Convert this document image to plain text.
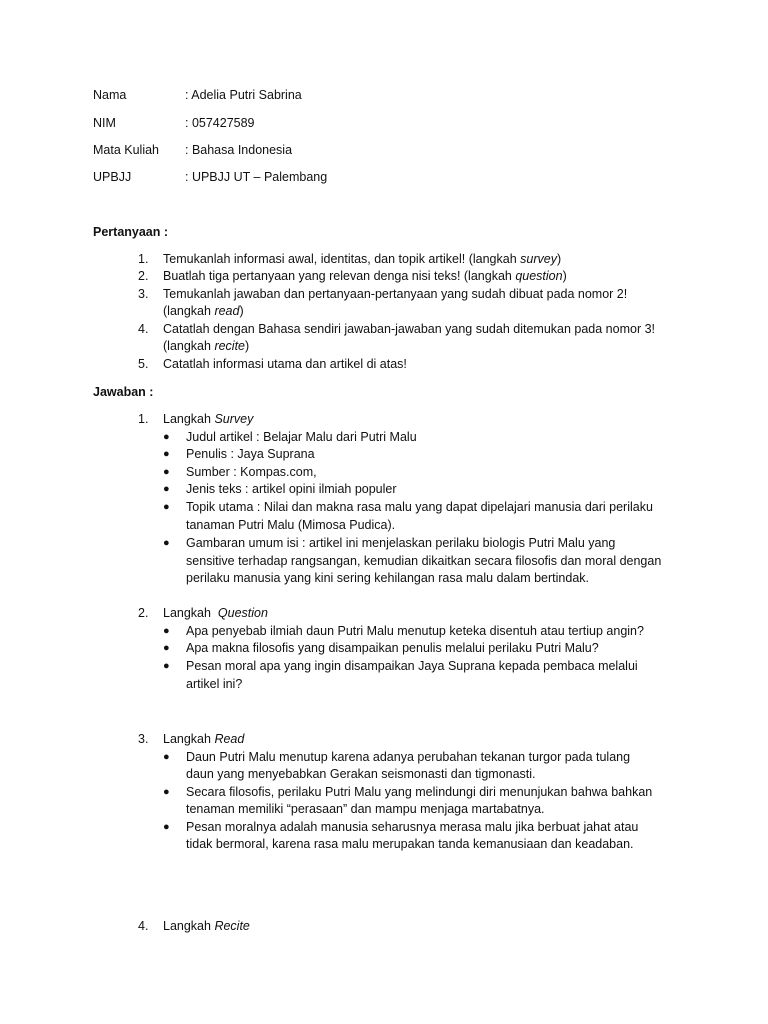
Nama	: Adelia Putri Sabrina
NIM	: 057427589
Mata Kuliah : Bahasa Indonesia
UPBJJ	: UPBJJ UT – Palembang
Pertanyaan :
1. Temukanlah informasi awal, identitas, dan topik artikel! (langkah survey)
2. Buatlah tiga pertanyaan yang relevan denga nisi teks! (langkah question)
3. Temukanlah jawaban dan pertanyaan-pertanyaan yang sudah dibuat pada nomor 2!
(langkah read)
4. Catatlah dengan Bahasa sendiri jawaban-jawaban yang sudah ditemukan pada nomor 3!
(langkah recite)
5. Catatlah informasi utama dan artikel di atas!
Jawaban :
1. Langkah Survey
● Judul artikel : Belajar Malu dari Putri Malu
● Penulis : Jaya Suprana
● Sumber : Kompas.com,
● Jenis teks : artikel opini ilmiah populer
● Topik utama : Nilai dan makna rasa malu yang dapat dipelajari manusia dari perilaku
tanaman Putri Malu (Mimosa Pudica).
● Gambaran umum isi : artikel ini menjelaskan perilaku biologis Putri Malu yang
sensitive terhadap rangsangan, kemudian dikaitkan secara filosofis dan moral dengan
perilaku manusia yang kini sering kehilangan rasa malu dalam bertindak.
2. Langkah  Question
● Apa penyebab ilmiah daun Putri Malu menutup keteka disentuh atau tertiup angin?
● Apa makna filosofis yang disampaikan penulis melalui perilaku Putri Malu?
● Pesan moral apa yang ingin disampaikan Jaya Suprana kepada pembaca melalui
artikel ini?
3. Langkah Read
● Daun Putri Malu menutup karena adanya perubahan tekanan turgor pada tulang
daun yang menyebabkan Gerakan seismonasti dan tigmonasti.
● Secara filosofis, perilaku Putri Malu yang melindungi diri menunjukan bahwa bahkan
tenaman memiliki “perasaan” dan mampu menjaga martabatnya.
● Pesan moralnya adalah manusia seharusnya merasa malu jika berbuat jahat atau
tidak bermoral, karena rasa malu merupakan tanda kemanusiaan dan keadaban.
4. Langkah Recite
